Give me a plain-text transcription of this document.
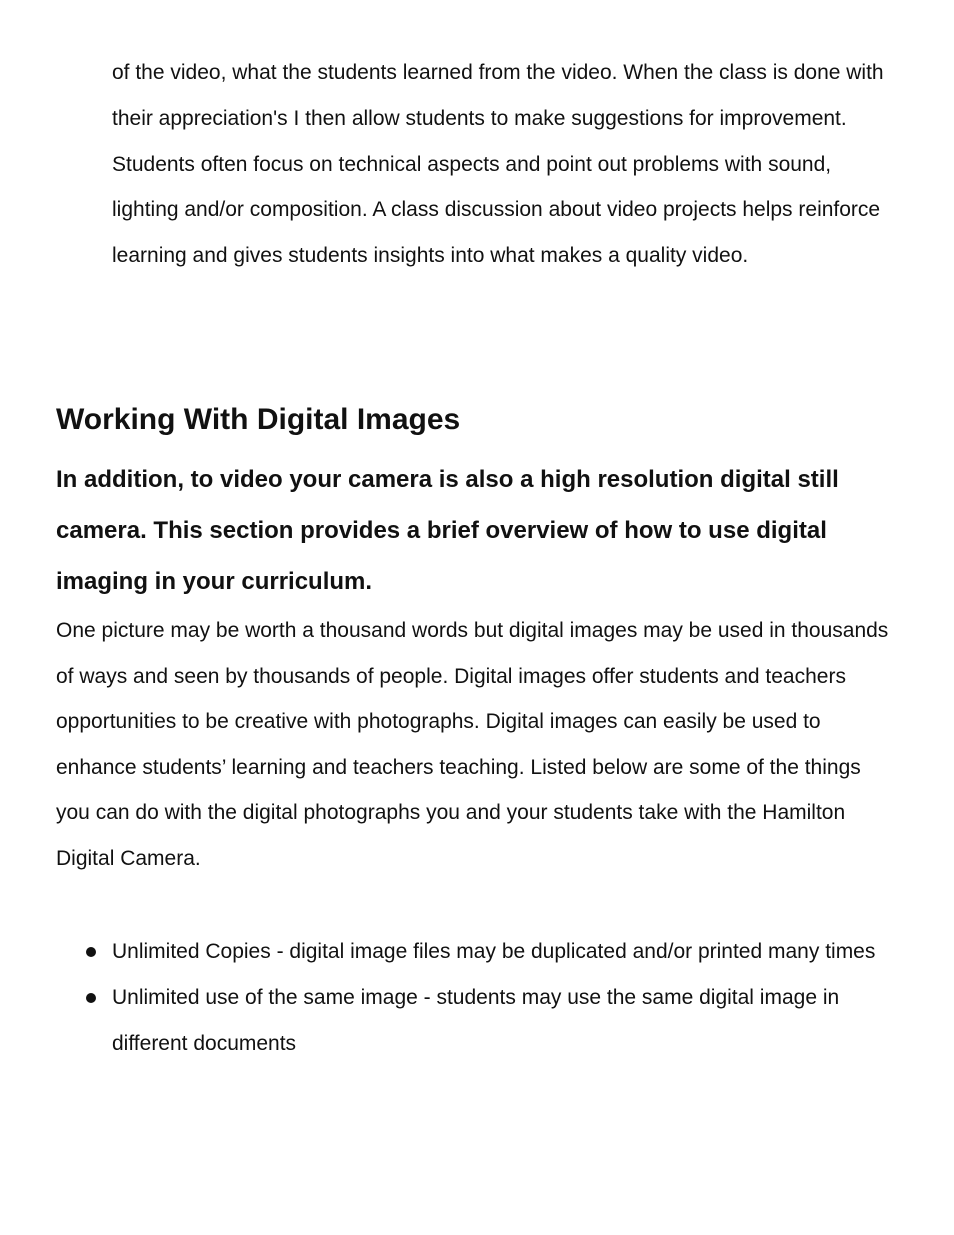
of the video, what the students learned from the video. When the class is done with their appreciation's I then allow students to make suggestions for improvement. Students often focus on technical aspects and point out problems with sound, lighting and/or composition. A class discussion about video projects helps reinforce learning and gives students insights into what makes a quality video.

Working With Digital Images

In addition, to video your camera is also a high resolution digital still camera. This section provides a brief overview of how to use digital imaging in your curriculum.

One picture may be worth a thousand words but digital images may be used in thousands of ways and seen by thousands of people. Digital images offer students and teachers opportunities to be creative with photographs. Digital images can easily be used to enhance students’ learning and teachers teaching. Listed below are some of the things you can do with the digital photographs you and your students take with the Hamilton Digital Camera.

Unlimited Copies - digital image files may be duplicated and/or printed many times
Unlimited use of the same image - students may use the same digital image in different documents
